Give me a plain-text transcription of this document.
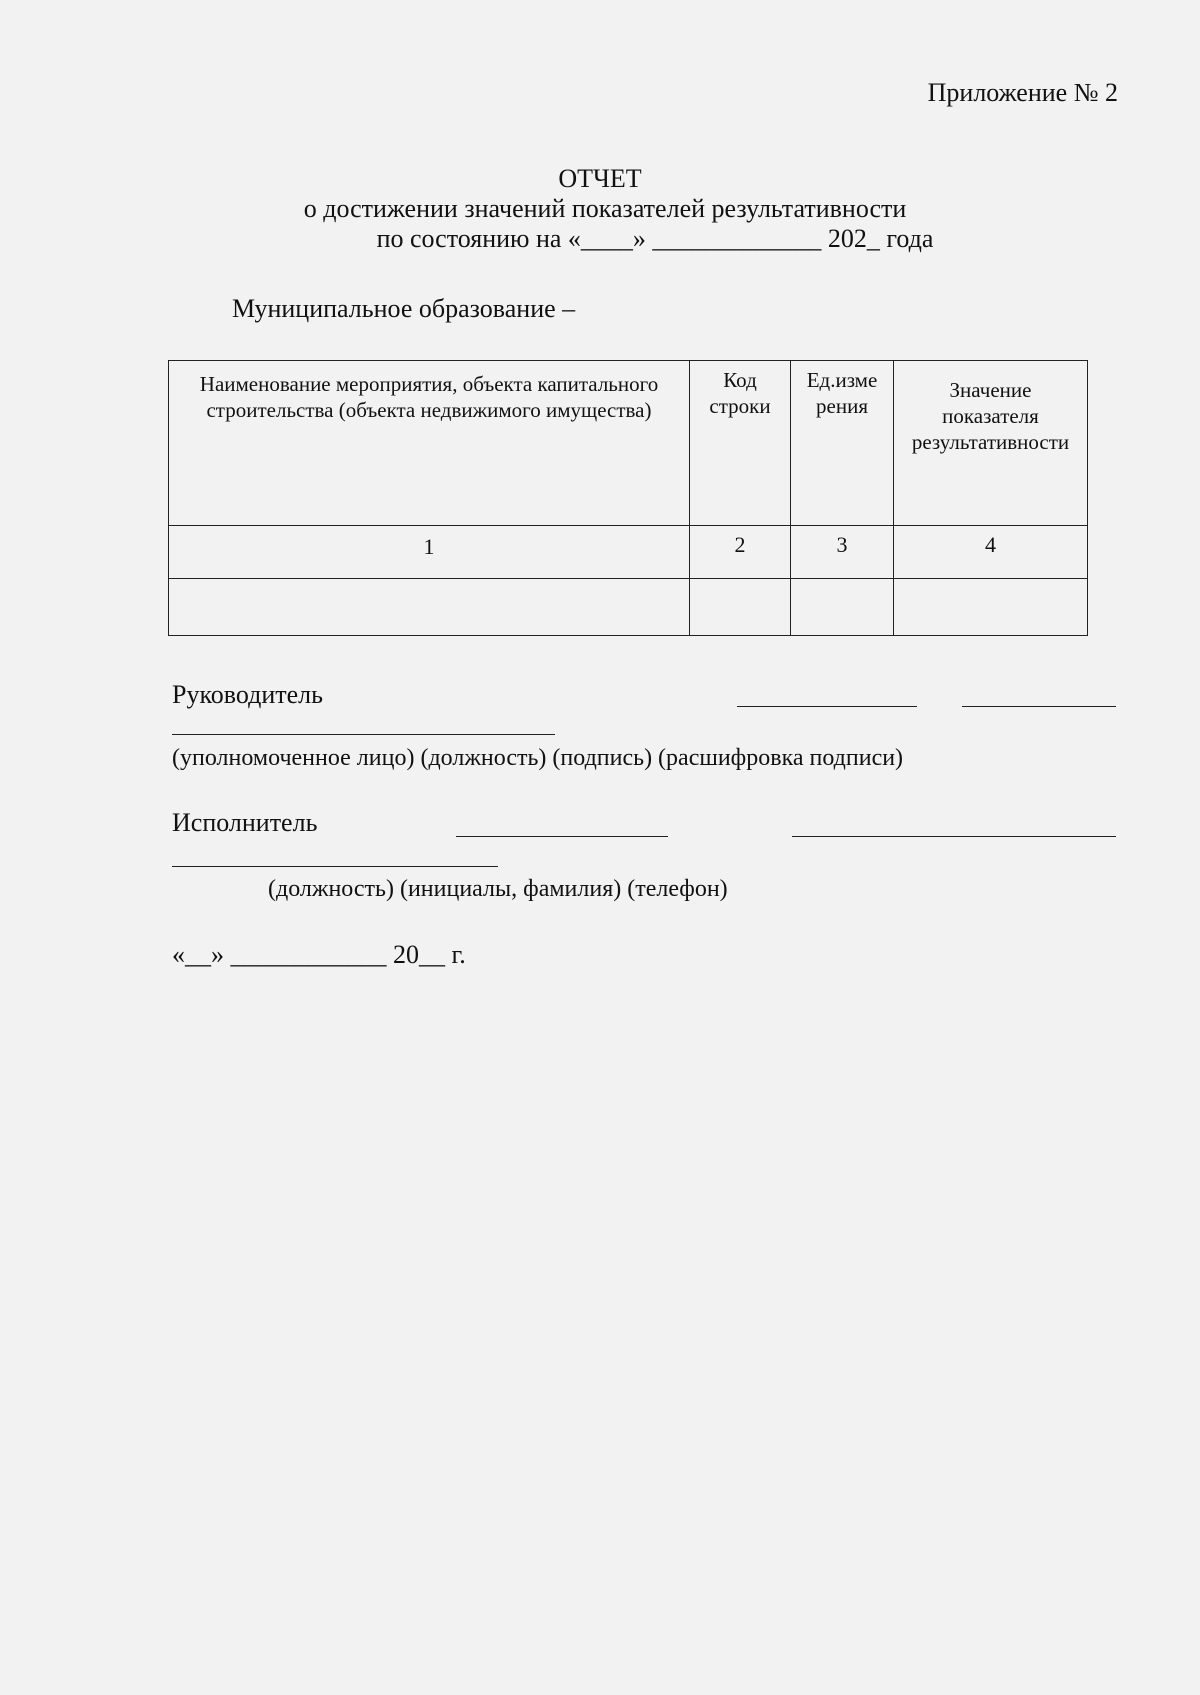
Приложение № 2
ОТЧЕТ
о достижении значений показателей результативности
по состоянию на «____» _____________ 202_ года
Муниципальное образование –
Наименование мероприятия, объекта капитального строительства (объекта недвижимого имущества)	Код строки	Ед.изме рения	Значение показателя результативности
1	2	3	4

Руководитель
(уполномоченное лицо) (должность) (подпись) (расшифровка подписи)
Исполнитель
(должность) (инициалы, фамилия) (телефон)
«__» ____________ 20__ г.
